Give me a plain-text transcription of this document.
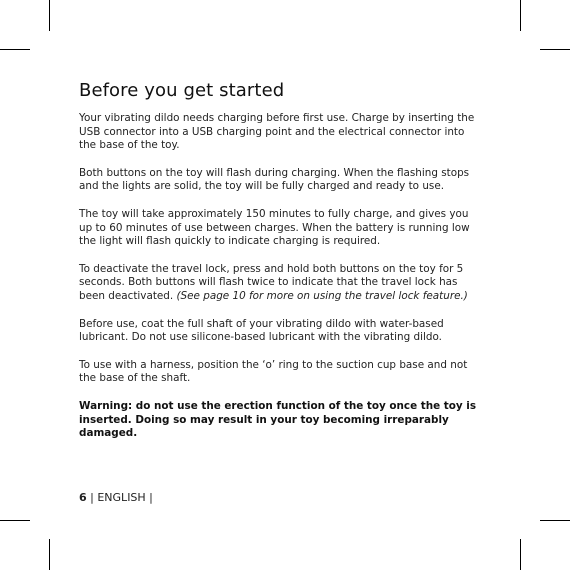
Before you get started

Your vibrating dildo needs charging before first use. Charge by inserting the USB connector into a USB charging point and the electrical connector into the base of the toy.

Both buttons on the toy will flash during charging. When the flashing stops and the lights are solid, the toy will be fully charged and ready to use.

The toy will take approximately 150 minutes to fully charge, and gives you up to 60 minutes of use between charges. When the battery is running low the light will flash quickly to indicate charging is required.

To deactivate the travel lock, press and hold both buttons on the toy for 5 seconds. Both buttons will flash twice to indicate that the travel lock has been deactivated. (See page 10 for more on using the travel lock feature.)

Before use, coat the full shaft of your vibrating dildo with water-based lubricant. Do not use silicone-based lubricant with the vibrating dildo.

To use with a harness, position the ‘o’ ring to the suction cup base and not the base of the shaft.

Warning: do not use the erection function of the toy once the toy is inserted. Doing so may result in your toy becoming irreparably damaged.

6 | ENGLISH |
